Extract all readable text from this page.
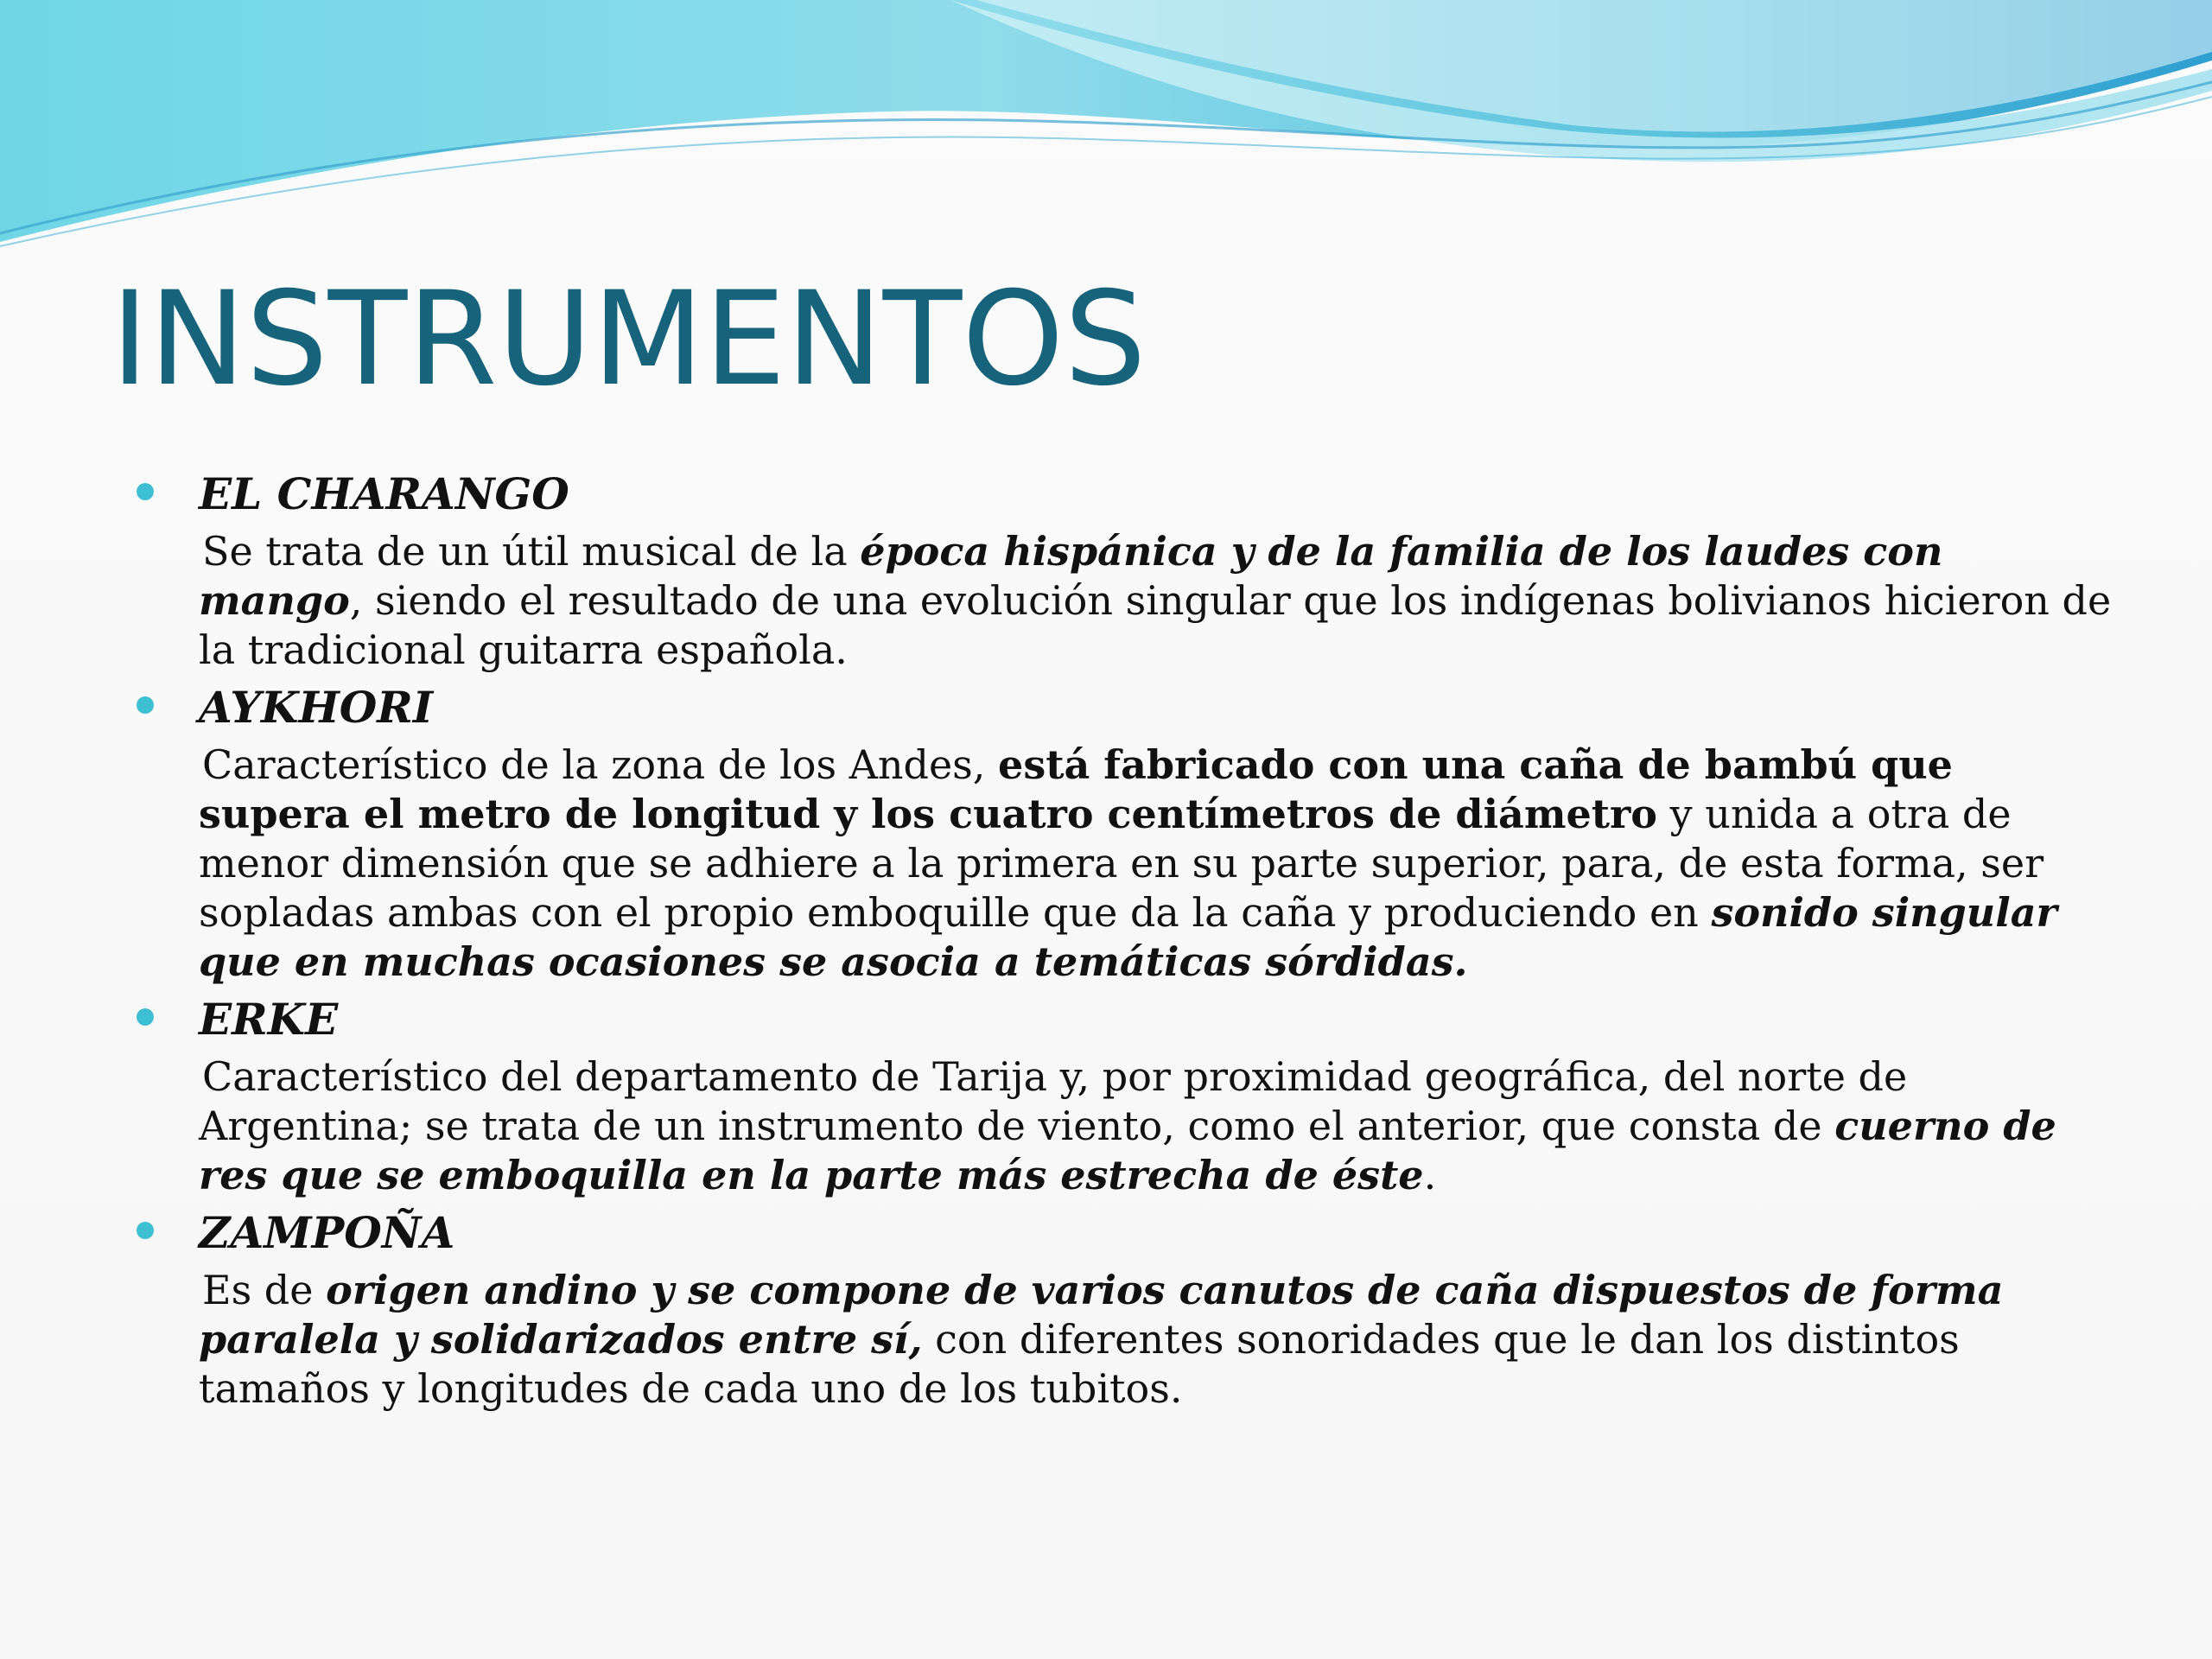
INSTRUMENTOS
EL CHARANGO
Se trata de un útil musical de la época hispánica y de la familia de los laudes con mango, siendo el resultado de una evolución singular que los indígenas bolivianos hicieron de la tradicional guitarra española.
AYKHORI
Característico de la zona de los Andes, está fabricado con una caña de bambú que supera el metro de longitud y los cuatro centímetros de diámetro y unida a otra de menor dimensión que se adhiere a la primera en su parte superior, para, de esta forma, ser sopladas ambas con el propio emboquille que da la caña y produciendo en sonido singular que en muchas ocasiones se asocia a temáticas sórdidas.
ERKE
Característico del departamento de Tarija y, por proximidad geográfica, del norte de Argentina; se trata de un instrumento de viento, como el anterior, que consta de cuerno de res que se emboquilla en la parte más estrecha de éste.
ZAMPOÑA
Es de origen andino y se compone de varios canutos de caña dispuestos de forma paralela y solidarizados entre sí, con diferentes sonoridades que le dan los distintos tamaños y longitudes de cada uno de los tubitos.
